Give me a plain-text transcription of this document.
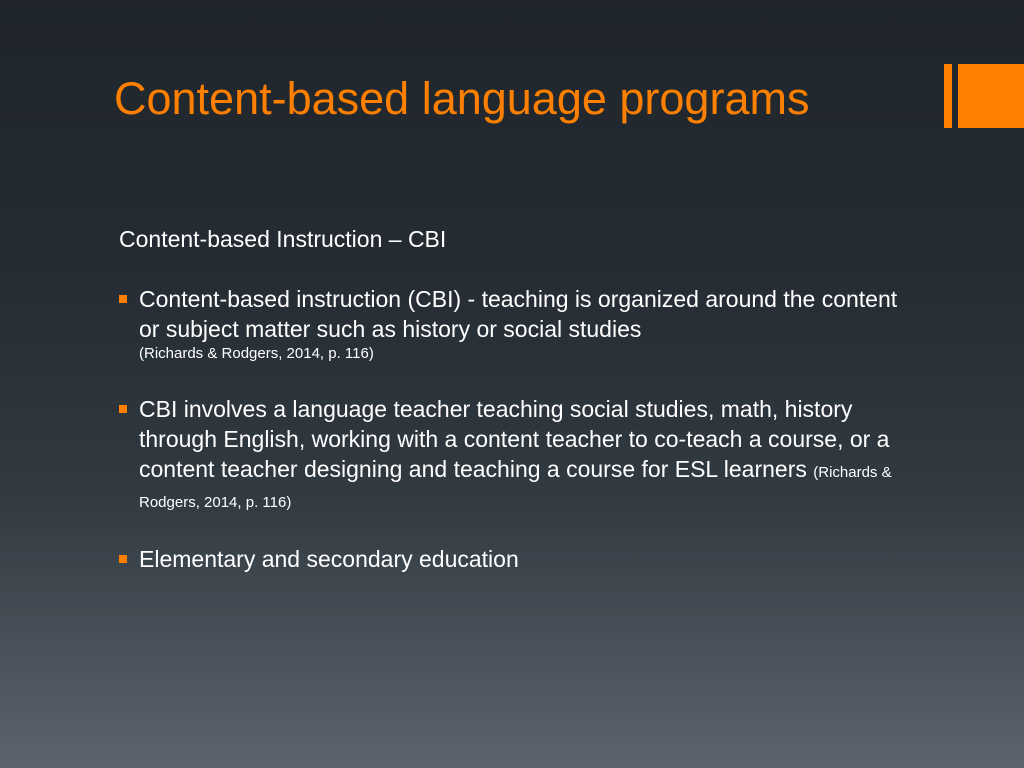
Content-based language programs

Content-based Instruction – CBI

Content-based instruction (CBI) - teaching is organized around the content or subject matter such as history or social studies
(Richards & Rodgers, 2014, p. 116)
CBI involves a language teacher teaching social studies, math, history through English, working with a content teacher to co-teach a course, or a content teacher designing and teaching a course for ESL learners (Richards & Rodgers, 2014, p. 116)
Elementary and secondary education
